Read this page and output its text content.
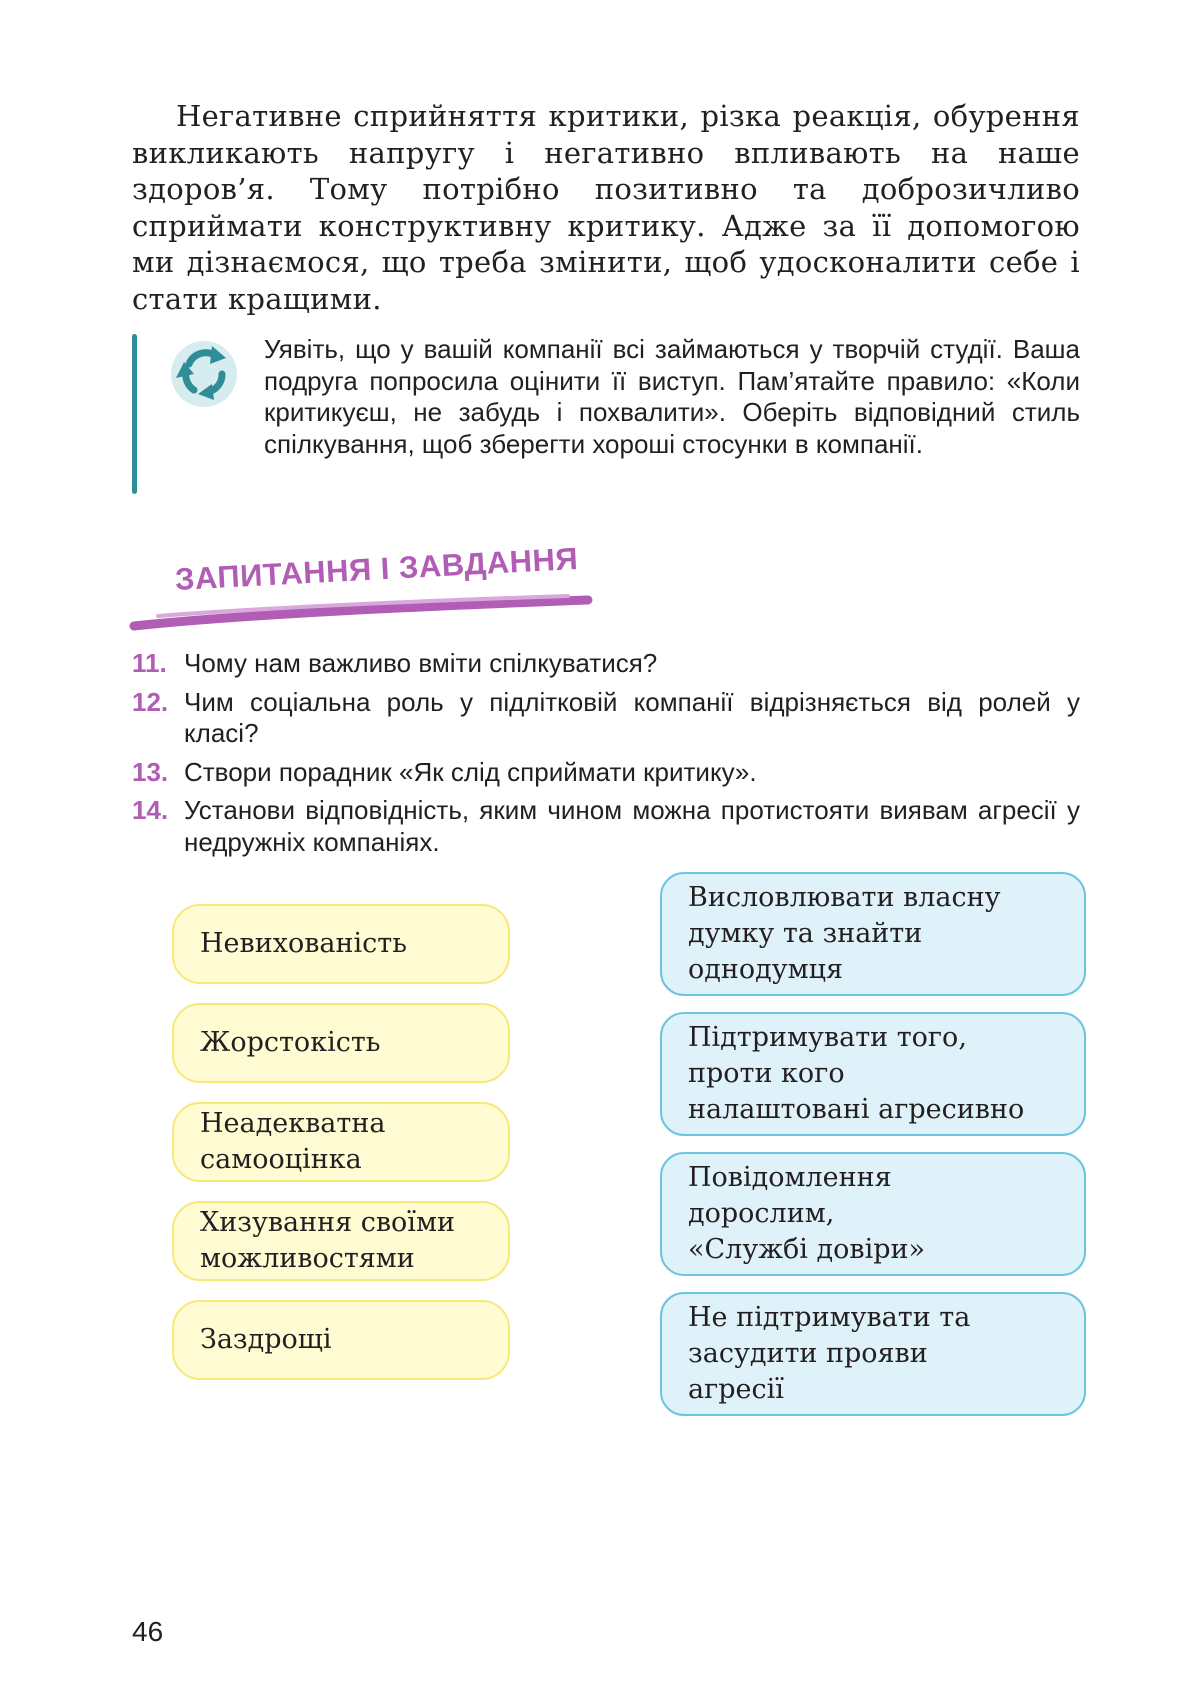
Негативне сприйняття критики, різка реакція, обурення викликають напругу і негативно впливають на наше здоров’я. Тому потрібно позитивно та доброзичливо сприймати конструктивну критику. Адже за її допомогою ми дізнаємося, що треба змінити, щоб удосконалити себе і стати кращими.

Уявіть, що у вашій компанії всі займаються у творчій студії. Ваша подруга попросила оцінити її виступ. Пам’ятайте правило: «Коли критикуєш, не забудь і похвалити». Оберіть відповідний стиль спілкування, щоб зберегти хороші стосунки в компанії.

ЗАПИТАННЯ І ЗАВДАННЯ

11. Чому нам важливо вміти спілкуватися?
12. Чим соціальна роль у підлітковій компанії відрізняється від ролей у класі?
13. Створи порадник «Як слід сприймати критику».
14. Установи відповідність, яким чином можна протистояти виявам агресії у недружніх компаніях.
Невихованість
Жорстокість
Неадекватна
самооцінка
Хизування своїми
можливостями
Заздрощі
Висловлювати власну
думку та знайти
однодумця
Підтримувати того,
проти кого
налаштовані агресивно
Повідомлення
дорослим,
«Службі довіри»
Не підтримувати та
засудити прояви
агресії

46
